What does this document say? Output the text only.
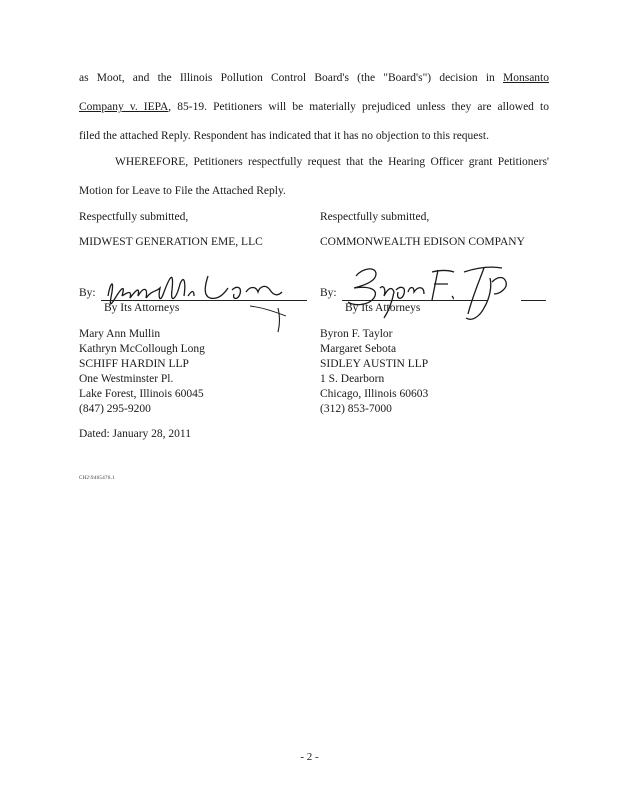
as Moot, and the Illinois Pollution Control Board's (the "Board's") decision in Monsanto
Company v. IEPA, 85-19. Petitioners will be materially prejudiced unless they are allowed to
filed the attached Reply. Respondent has indicated that it has no objection to this request.
WHEREFORE, Petitioners respectfully request that the Hearing Officer grant Petitioners'
Motion for Leave to File the Attached Reply.
Respectfully submitted,
MIDWEST GENERATION EME, LLC
By:
By Its Attorneys
Mary Ann Mullin
Kathryn McCollough Long
SCHIFF HARDIN LLP
One Westminster Pl.
Lake Forest, Illinois 60045
(847) 295-9200
Respectfully submitted,
COMMONWEALTH EDISON COMPANY
By:
By Its Attorneys
Byron F. Taylor
Margaret Sebota
SIDLEY AUSTIN LLP
1 S. Dearborn
Chicago, Illinois 60603
(312) 853-7000
Dated: January 28, 2011
CH2\9465476.1
- 2 -
